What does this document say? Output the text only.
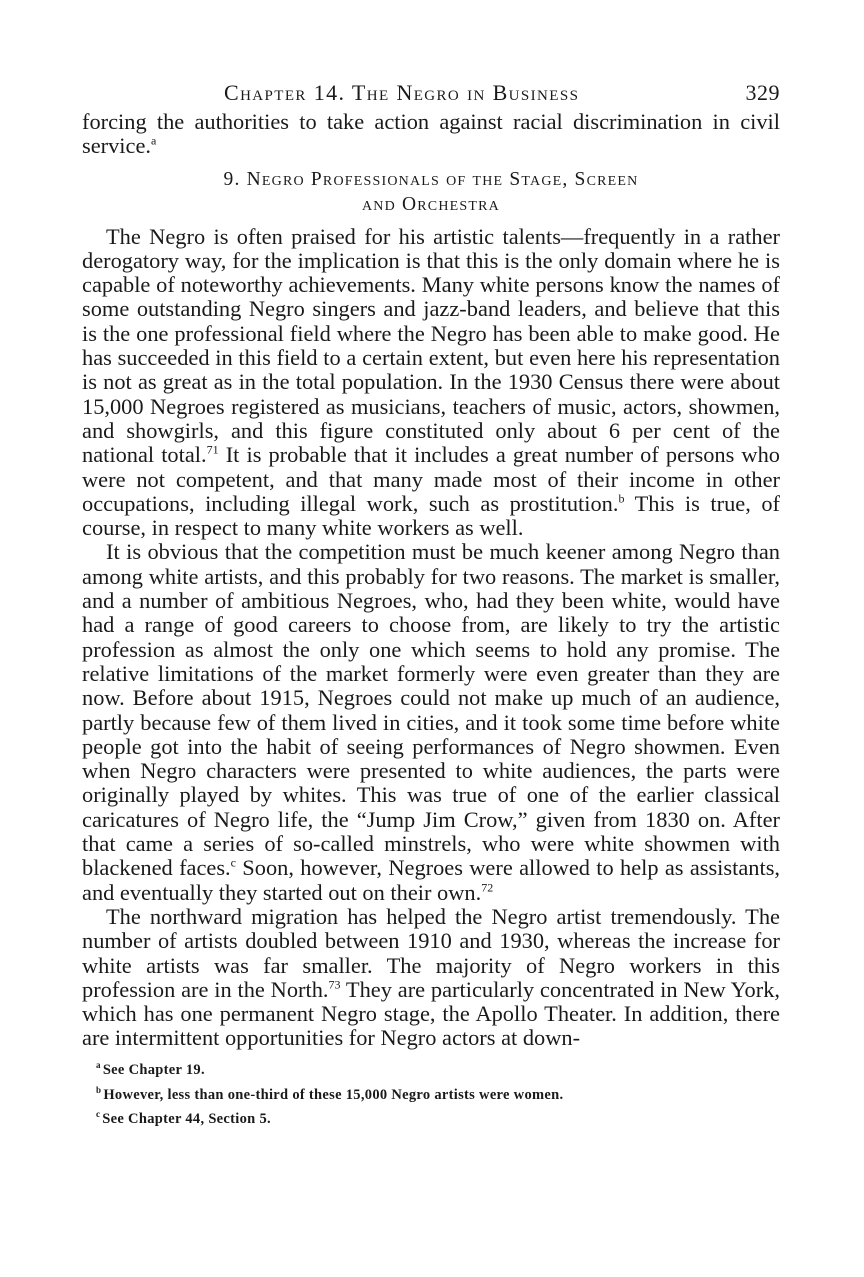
Chapter 14. The Negro in Business	329

forcing the authorities to take action against racial discrimination in civil service.$^a$

9. Negro Professionals of the Stage, Screen
and Orchestra

The Negro is often praised for his artistic talents—frequently in a rather derogatory way, for the implication is that this is the only domain where he is capable of noteworthy achievements. Many white persons know the names of some outstanding Negro singers and jazz-band leaders, and believe that this is the one professional field where the Negro has been able to make good. He has succeeded in this field to a certain extent, but even here his representation is not as great as in the total population. In the 1930 Census there were about 15,000 Negroes registered as musicians, teachers of music, actors, showmen, and showgirls, and this figure constituted only about 6 per cent of the national total.$^{71}$ It is probable that it includes a great number of persons who were not competent, and that many made most of their income in other occupations, including illegal work, such as prostitution.$^b$ This is true, of course, in respect to many white workers as well.

It is obvious that the competition must be much keener among Negro than among white artists, and this probably for two reasons. The market is smaller, and a number of ambitious Negroes, who, had they been white, would have had a range of good careers to choose from, are likely to try the artistic profession as almost the only one which seems to hold any promise. The relative limitations of the market formerly were even greater than they are now. Before about 1915, Negroes could not make up much of an audience, partly because few of them lived in cities, and it took some time before white people got into the habit of seeing performances of Negro showmen. Even when Negro characters were presented to white audiences, the parts were originally played by whites. This was true of one of the earlier classical caricatures of Negro life, the “Jump Jim Crow,” given from 1830 on. After that came a series of so-called minstrels, who were white showmen with blackened faces.$^c$ Soon, however, Negroes were allowed to help as assistants, and eventually they started out on their own.$^{72}$

The northward migration has helped the Negro artist tremendously. The number of artists doubled between 1910 and 1930, whereas the increase for white artists was far smaller. The majority of Negro workers in this profession are in the North.$^{73}$ They are particularly concentrated in New York, which has one permanent Negro stage, the Apollo Theater. In addition, there are intermittent opportunities for Negro actors at down-

$^a$ See Chapter 19.
$^b$ However, less than one-third of these 15,000 Negro artists were women.
$^c$ See Chapter 44, Section 5.
